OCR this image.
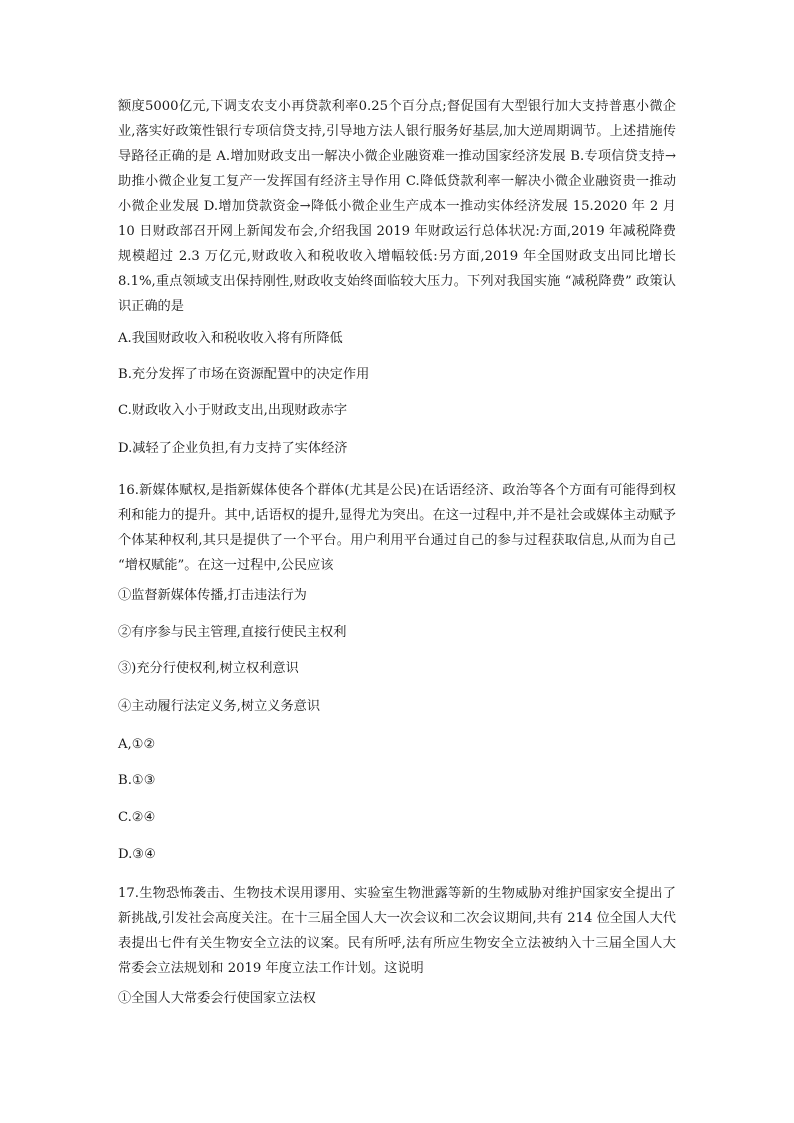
额度5000亿元,下调支农支小再贷款利率0.25个百分点;督促国有大型银行加大支持普惠小微企业,落实好政策性银行专项信贷支持,引导地方法人银行服务好基层,加大逆周期调节。上述措施传导路径正确的是 A.增加财政支出一解决小微企业融资难一推动国家经济发展 B.专项信贷支持→助推小微企业复工复产一发挥国有经济主导作用 C.降低贷款利率一解决小微企业融资贵一推动小微企业发展 D.增加贷款资金→降低小微企业生产成本一推动实体经济发展 15.2020 年 2 月 10 日财政部召开网上新闻发布会,介绍我国 2019 年财政运行总体状况:方面,2019 年减税降费规模超过 2.3 万亿元,财政收入和税收收入增幅较低:另方面,2019 年全国财政支出同比增长 8.1%,重点领域支出保持刚性,财政收支始终面临较大压力。下列对我国实施 “减税降费” 政策认识正确的是

A.我国财政收入和税收收入将有所降低

B.充分发挥了市场在资源配置中的决定作用

C.财政收入小于财政支出,出现财政赤字

D.减轻了企业负担,有力支持了实体经济

16.新媒体赋权,是指新媒体使各个群体(尤其是公民)在话语经济、政治等各个方面有可能得到权利和能力的提升。其中,话语权的提升,显得尤为突出。在这一过程中,并不是社会或媒体主动赋予个体某种权利,其只是提供了一个平台。用户利用平台通过自己的参与过程获取信息,从而为自己 “增权赋能”。在这一过程中,公民应该

①监督新媒体传播,打击违法行为

②有序参与民主管理,直接行使民主权利

③)充分行使权利,树立权利意识

④主动履行法定义务,树立义务意识

A,①②

B.①③

C.②④

D.③④

17.生物恐怖袭击、生物技术误用谬用、实验室生物泄露等新的生物威胁对维护国家安全提出了新挑战,引发社会高度关注。在十三届全国人大一次会议和二次会议期间,共有 214 位全国人大代表提出七件有关生物安全立法的议案。民有所呼,法有所应生物安全立法被纳入十三届全国人大常委会立法规划和 2019 年度立法工作计划。这说明

①全国人大常委会行使国家立法权
